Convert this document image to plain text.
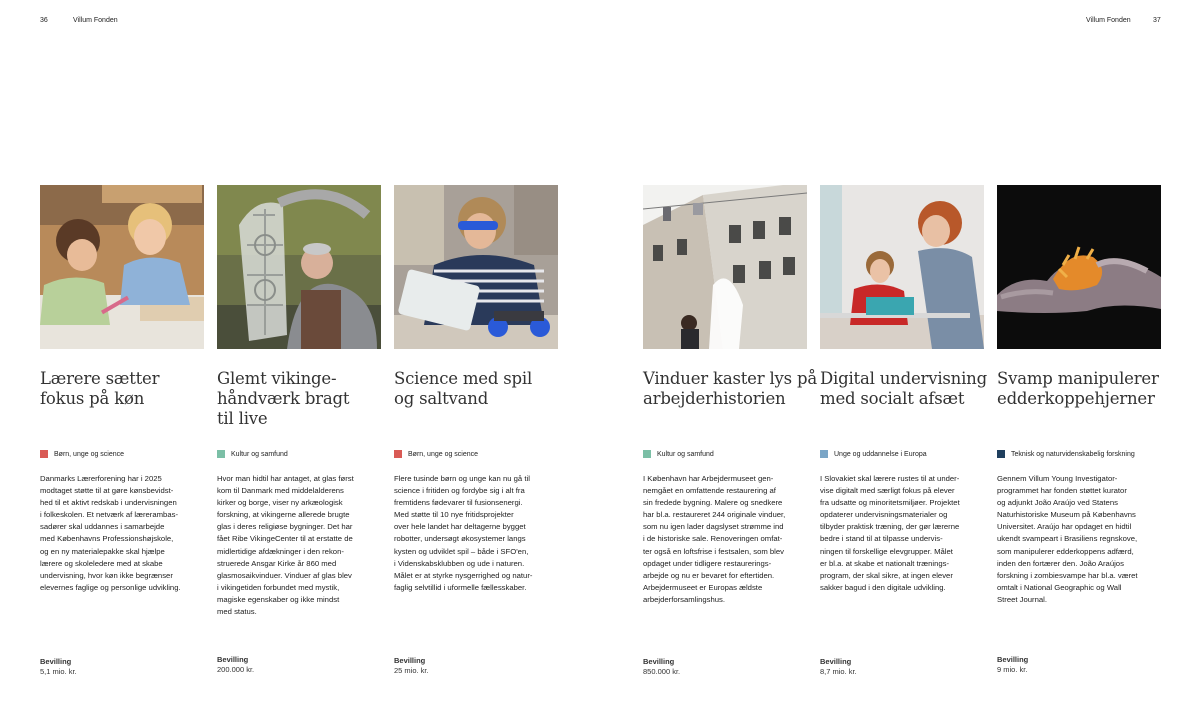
36	Villum Fonden	Villum Fonden	37
Lærere sætter
fokus på køn
Børn, unge og science

Danmarks Lærerforening har i 2025
modtaget støtte til at gøre kønsbevidst-
hed til et aktivt redskab i undervisningen
i folkeskolen. Et netværk af lærerambas-
sadører skal uddannes i samarbejde
med Københavns Professionshøjskole,
og en ny materialepakke skal hjælpe
lærere og skoleledere med at skabe
undervisning, hvor køn ikke begrænser
elevernes faglige og personlige udvikling.

Bevilling
5,1 mio. kr.
Glemt vikinge-
håndværk bragt
til live
Kultur og samfund

Hvor man hidtil har antaget, at glas først
kom til Danmark med middelalderens
kirker og borge, viser ny arkæologisk
forskning, at vikingerne allerede brugte
glas i deres religiøse bygninger. Det har
fået Ribe VikingeCenter til at erstatte de
midlertidige afdækninger i den rekon-
struerede Ansgar Kirke år 860 med
glasmosaikvinduer. Vinduer af glas blev
i vikingetiden forbundet med mystik,
magiske egenskaber og ikke mindst
med status.

Bevilling
200.000 kr.
Science med spil
og saltvand
Børn, unge og science

Flere tusinde børn og unge kan nu gå til
science i fritiden og fordybe sig i alt fra
fremtidens fødevarer til fusionsenergi.
Med støtte til 10 nye fritidsprojekter
over hele landet har deltagerne bygget
robotter, undersøgt økosystemer langs
kysten og udviklet spil – både i SFO'en,
i Videnskabsklubben og ude i naturen.
Målet er at styrke nysgerrighed og natur-
faglig selvtillid i uformelle fællesskaber.

Bevilling
25 mio. kr.
Vinduer kaster lys på
arbejderhistorien
Kultur og samfund

I København har Arbejdermuseet gen-
nemgået en omfattende restaurering af
sin fredede bygning. Malere og snedkere
har bl.a. restaureret 244 originale vinduer,
som nu igen lader dagslyset strømme ind
i de historiske sale. Renoveringen omfat-
ter også en loftsfrise i festsalen, som blev
opdaget under tidligere restaurerings-
arbejde og nu er bevaret for eftertiden.
Arbejdermuseet er Europas ældste
arbejderforsamlingshus.

Bevilling
850.000 kr.
Digital undervisning
med socialt afsæt
Unge og uddannelse i Europa

I Slovakiet skal lærere rustes til at under-
vise digitalt med særligt fokus på elever
fra udsatte og minoritetsmiljøer. Projektet
opdaterer undervisningsmaterialer og
tilbyder praktisk træning, der gør lærerne
bedre i stand til at tilpasse undervis-
ningen til forskellige elevgrupper. Målet
er bl.a. at skabe et nationalt trænings-
program, der skal sikre, at ingen elever
sakker bagud i den digitale udvikling.

Bevilling
8,7 mio. kr.
Svamp manipulerer
edderkoppehjerner
Teknisk og naturvidenskabelig forskning

Gennem Villum Young Investigator-
programmet har fonden støttet kurator
og adjunkt João Araújo ved Statens
Naturhistoriske Museum på Københavns
Universitet. Araújo har opdaget en hidtil
ukendt svampeart i Brasiliens regnskove,
som manipulerer edderkoppens adfærd,
inden den fortærer den. João Araújos
forskning i zombiesvampe har bl.a. været
omtalt i National Geographic og Wall
Street Journal.

Bevilling
9 mio. kr.
